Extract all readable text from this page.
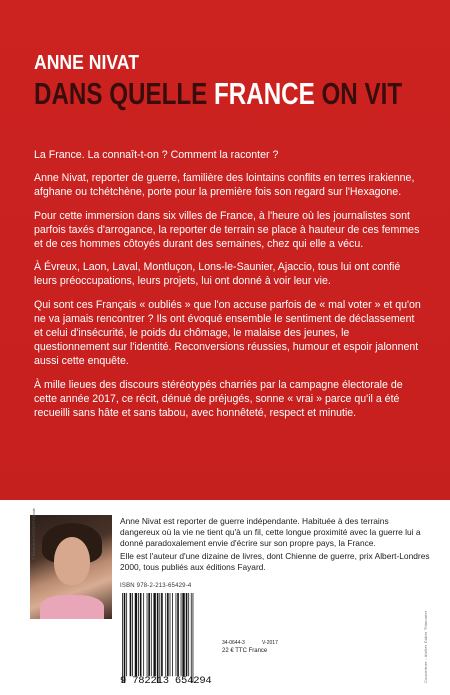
ANNE NIVAT
DANS QUELLE FRANCE ON VIT

La France. La connaît-t-on ? Comment la raconter ?

Anne Nivat, reporter de guerre, familière des lointains conflits en terres irakienne, afghane ou tchétchène, porte pour la première fois son regard sur l'Hexagone.

Pour cette immersion dans six villes de France, à l'heure où les journalistes sont parfois taxés d'arrogance, la reporter de terrain se place à hauteur de ces femmes et de ces hommes côtoyés durant des semaines, chez qui elle a vécu.

À Évreux, Laon, Laval, Montluçon, Lons-le-Saunier, Ajaccio, tous lui ont confié leurs préoccupations, leurs projets, lui ont donné à voir leur vie.

Qui sont ces Français « oubliés » que l'on accuse parfois de « mal voter » et qu'on ne va jamais rencontrer ? Ils ont évoqué ensemble le sentiment de déclassement et celui d'insécurité, le poids du chômage, le malaise des jeunes, le questionnement sur l'identité. Reconversions réussies, humour et espoir jalonnent aussi cette enquête.

À mille lieues des discours stéréotypés charriés par la campagne électorale de cette année 2017, ce récit, dénué de préjugés, sonne « vrai » parce qu'il a été recueilli sans hâte et sans tabou, avec honnêteté, respect et minutie.

© Bénédicte ROSCOT/Opale	Anne Nivat est reporter de guerre indépendante. Habituée à des terrains dangereux où la vie ne tient qu'à un fil, cette longue proximité avec la guerre lui a donné paradoxalement envie d'écrire sur son propre pays, la France.

Elle est l'auteur d'une dizaine de livres, dont Chienne de guerre, prix Albert-Londres 2000, tous publiés aux éditions Fayard.

ISBN 978-2-213-65429-4
9 782213 654294
34-0644-3	V-2017
22 € TTC France	Couverture : Atelier Didier Thimonier
